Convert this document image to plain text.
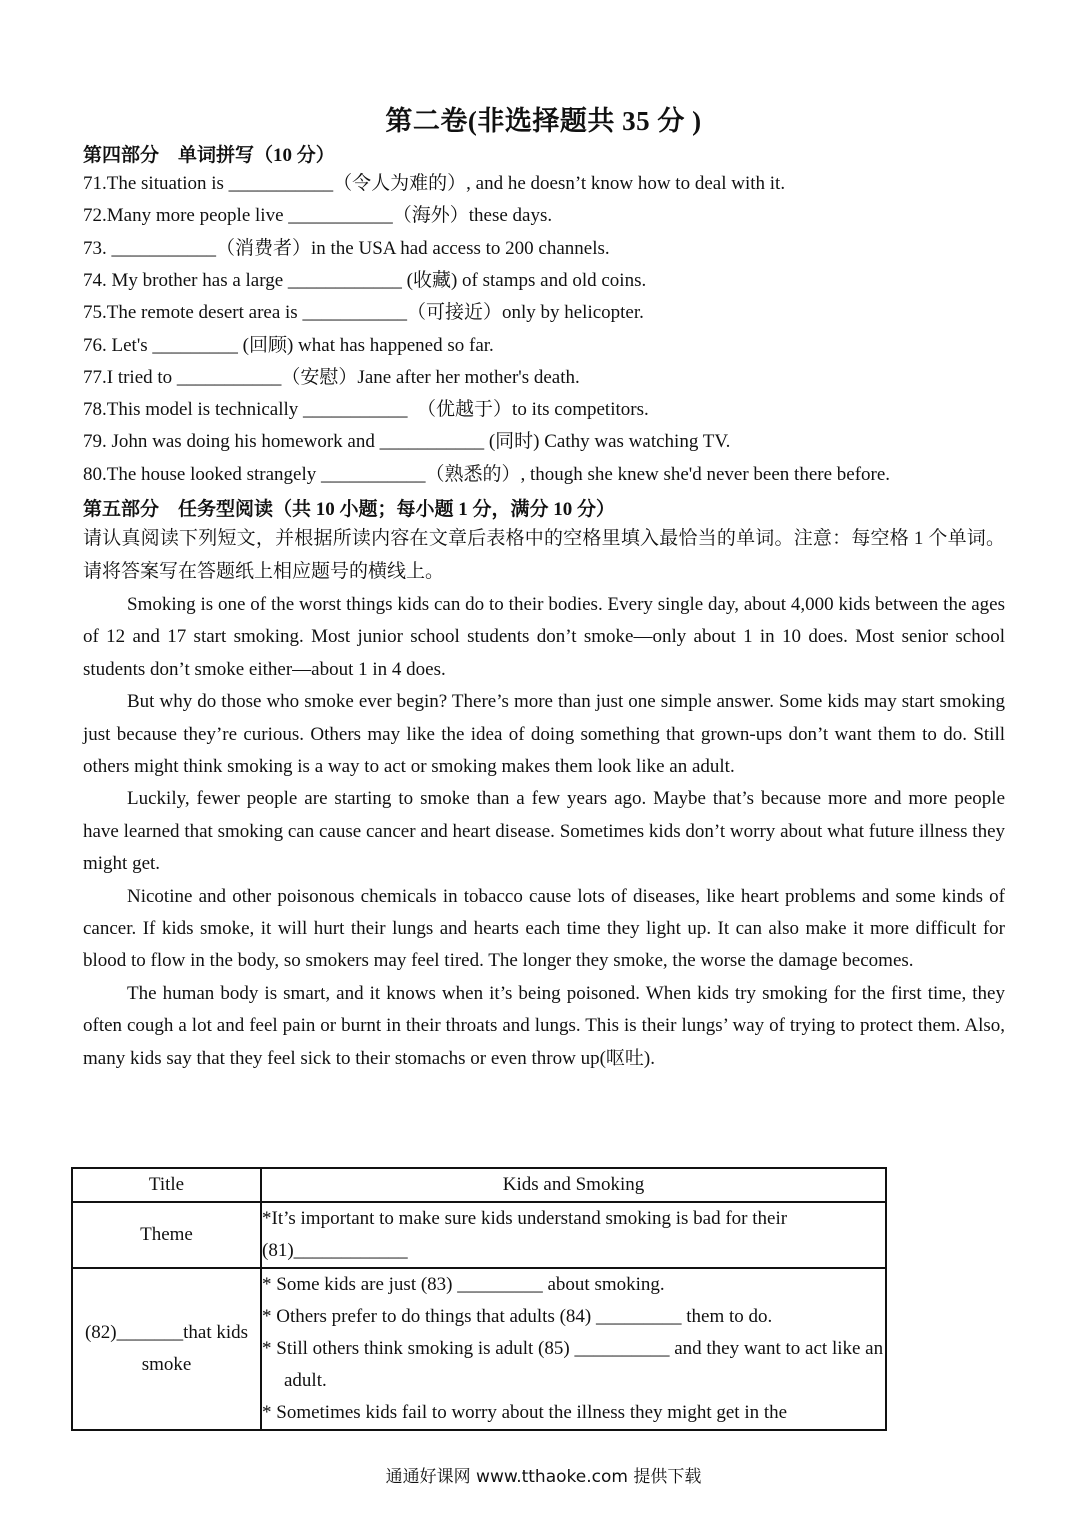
第二卷(非选择题共 35 分 )
第四部分    单词拼写（10 分）
71.The situation is ___________（令人为难的）, and he doesn’t know how to deal with it.
72.Many more people live ___________（海外）these days.
73. ___________（消费者）in the USA had access to 200 channels.
74. My brother has a large ____________ (收藏) of stamps and old coins.
75.The remote desert area is ___________（可接近）only by helicopter.
76. Let's _________ (回顾) what has happened so far.
77.I tried to ___________（安慰）Jane after her mother's death.
78.This model is technically ___________  （优越于）to its competitors.
79. John was doing his homework and ___________ (同时) Cathy was watching TV.
80.The house looked strangely ___________（熟悉的）, though she knew she'd never been there before.
第五部分    任务型阅读（共 10 小题；每小题 1 分，满分 10 分）
请认真阅读下列短文，并根据所读内容在文章后表格中的空格里填入最恰当的单词。注意：每空格 1 个单词。请将答案写在答题纸上相应题号的横线上。

Smoking is one of the worst things kids can do to their bodies. Every single day, about 4,000 kids between the ages of 12 and 17 start smoking. Most junior school students don’t smoke—only about 1 in 10 does. Most senior school students don’t smoke either—about 1 in 4 does.

But why do those who smoke ever begin? There’s more than just one simple answer. Some kids may start smoking just because they’re curious. Others may like the idea of doing something that grown-ups don’t want them to do. Still others might think smoking is a way to act or smoking makes them look like an adult.

Luckily, fewer people are starting to smoke than a few years ago. Maybe that’s because more and more people have learned that smoking can cause cancer and heart disease. Sometimes kids don’t worry about what future illness they might get.

Nicotine and other poisonous chemicals in tobacco cause lots of diseases, like heart problems and some kinds of cancer. If kids smoke, it will hurt their lungs and hearts each time they light up. It can also make it more difficult for blood to flow in the body, so smokers may feel tired. The longer they smoke, the worse the damage becomes.

The human body is smart, and it knows when it’s being poisoned. When kids try smoking for the first time, they often cough a lot and feel pain or burnt in their throats and lungs. This is their lungs’ way of trying to protect them. Also, many kids say that they feel sick to their stomachs or even throw up(呕吐).

Title	Kids and Smoking
Theme	*It’s important to make sure kids understand smoking is bad for their (81)____________
(82)_______that kids smoke	* Some kids are just (83) _________ about smoking.
* Others prefer to do things that adults (84) _________ them to do.
* Still others think smoking is adult (85) __________ and they want to act like an adult.
* Sometimes kids fail to worry about the illness they might get in the
通通好课网 www.tthaoke.com 提供下载
